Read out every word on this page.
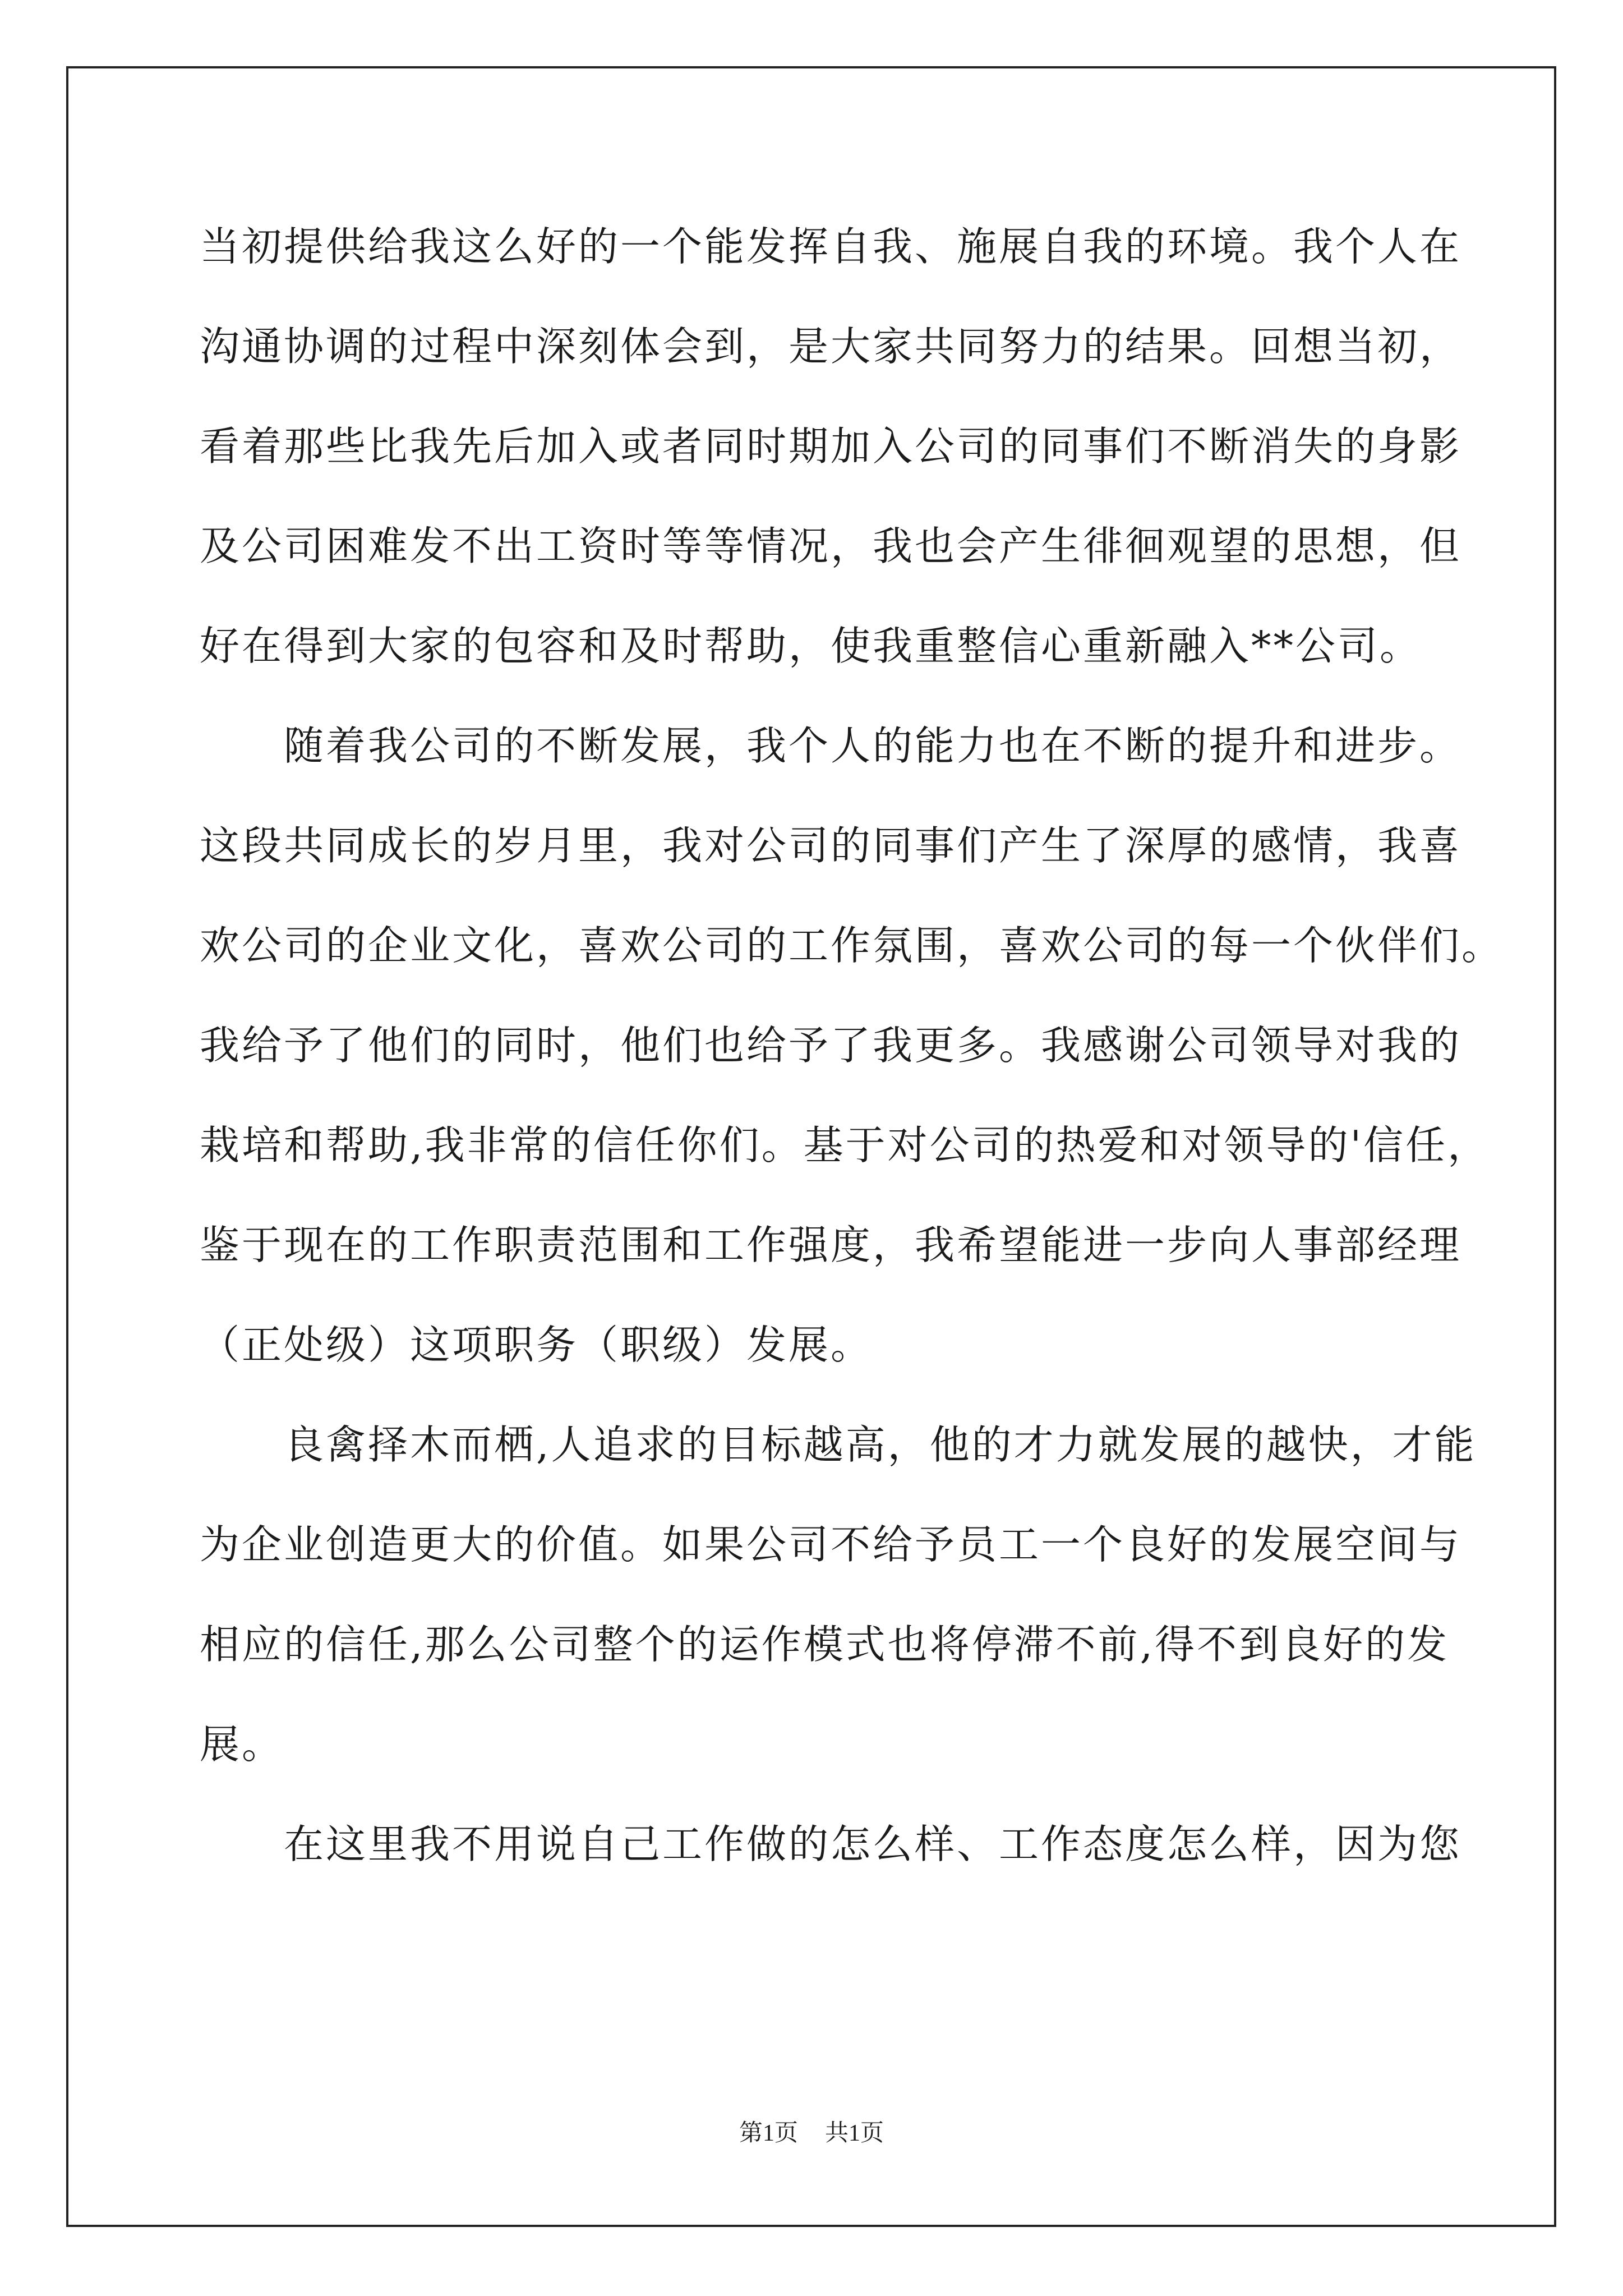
当初提供给我这么好的一个能发挥自我、施展自我的环境。我个人在
沟通协调的过程中深刻体会到，是大家共同努力的结果。回想当初，
看着那些比我先后加入或者同时期加入公司的同事们不断消失的身影
及公司困难发不出工资时等等情况，我也会产生徘徊观望的思想，但
好在得到大家的包容和及时帮助，使我重整信心重新融入**公司。
随着我公司的不断发展，我个人的能力也在不断的提升和进步。
这段共同成长的岁月里，我对公司的同事们产生了深厚的感情，我喜
欢公司的企业文化，喜欢公司的工作氛围，喜欢公司的每一个伙伴们。
我给予了他们的同时，他们也给予了我更多。我感谢公司领导对我的
栽培和帮助,我非常的信任你们。基于对公司的热爱和对领导的'信任，
鉴于现在的工作职责范围和工作强度，我希望能进一步向人事部经理
（正处级）这项职务（职级）发展。
良禽择木而栖,人追求的目标越高，他的才力就发展的越快，才能
为企业创造更大的价值。如果公司不给予员工一个良好的发展空间与
相应的信任,那么公司整个的运作模式也将停滞不前,得不到良好的发
展。
在这里我不用说自己工作做的怎么样、工作态度怎么样，因为您
第1页 共1页
